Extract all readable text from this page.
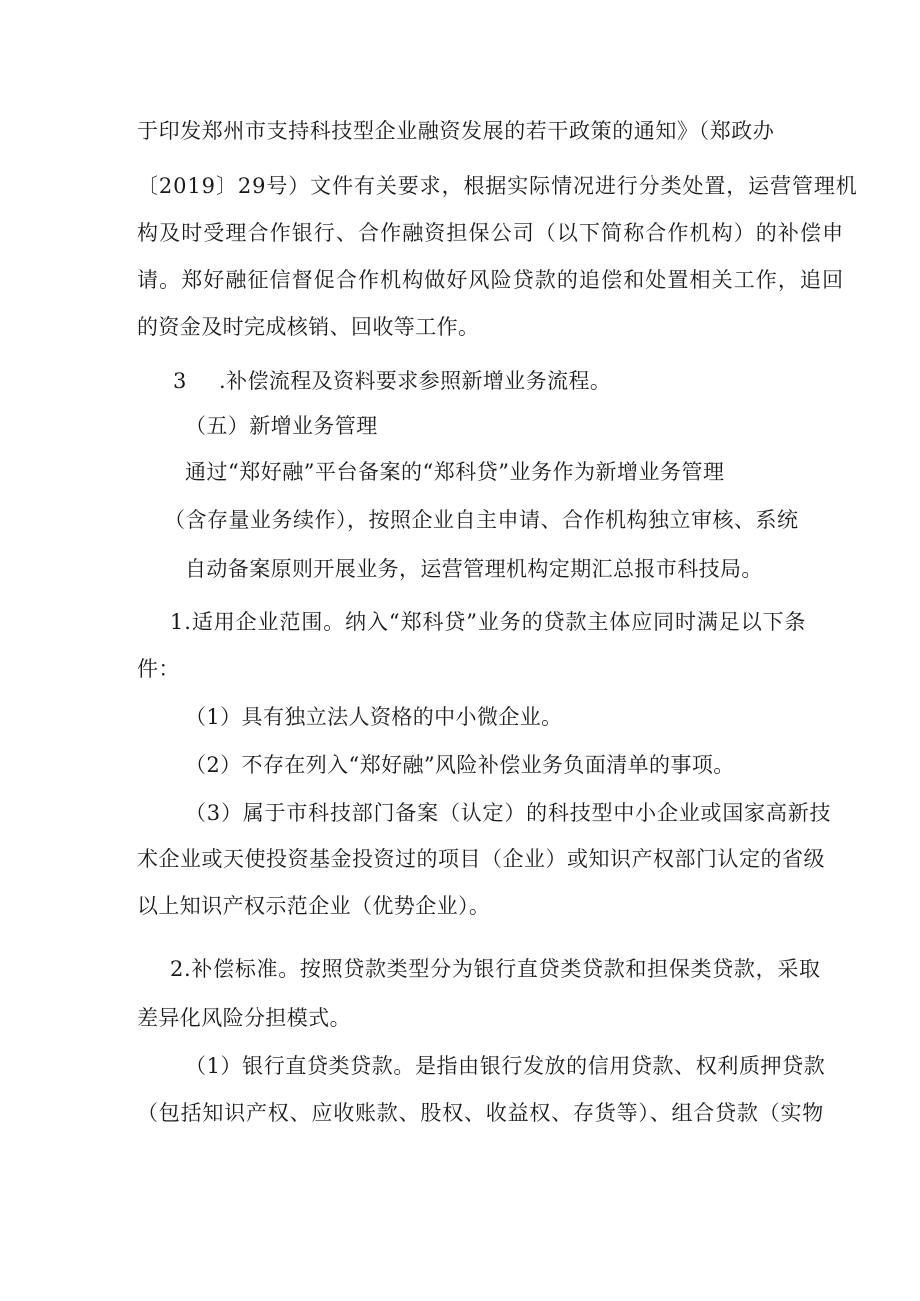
于印发郑州市支持科技型企业融资发展的若干政策的通知》（郑政办
〔2019〕29号）文件有关要求，根据实际情况进行分类处置，运营管理机
构及时受理合作银行、合作融资担保公司（以下简称合作机构）的补偿申
请。郑好融征信督促合作机构做好风险贷款的追偿和处置相关工作，追回
的资金及时完成核销、回收等工作。
3 .补偿流程及资料要求参照新增业务流程。
（五）新增业务管理
通过“郑好融”平台备案的“郑科贷”业务作为新增业务管理
（含存量业务续作），按照企业自主申请、合作机构独立审核、系统
自动备案原则开展业务，运营管理机构定期汇总报市科技局。
1.适用企业范围。纳入“郑科贷”业务的贷款主体应同时满足以下条
件：
（1）具有独立法人资格的中小微企业。
（2）不存在列入“郑好融”风险补偿业务负面清单的事项。
（3）属于市科技部门备案（认定）的科技型中小企业或国家高新技
术企业或天使投资基金投资过的项目（企业）或知识产权部门认定的省级
以上知识产权示范企业（优势企业）。
2.补偿标准。按照贷款类型分为银行直贷类贷款和担保类贷款，采取
差异化风险分担模式。
（1）银行直贷类贷款。是指由银行发放的信用贷款、权利质押贷款
（包括知识产权、应收账款、股权、收益权、存货等）、组合贷款（实物
